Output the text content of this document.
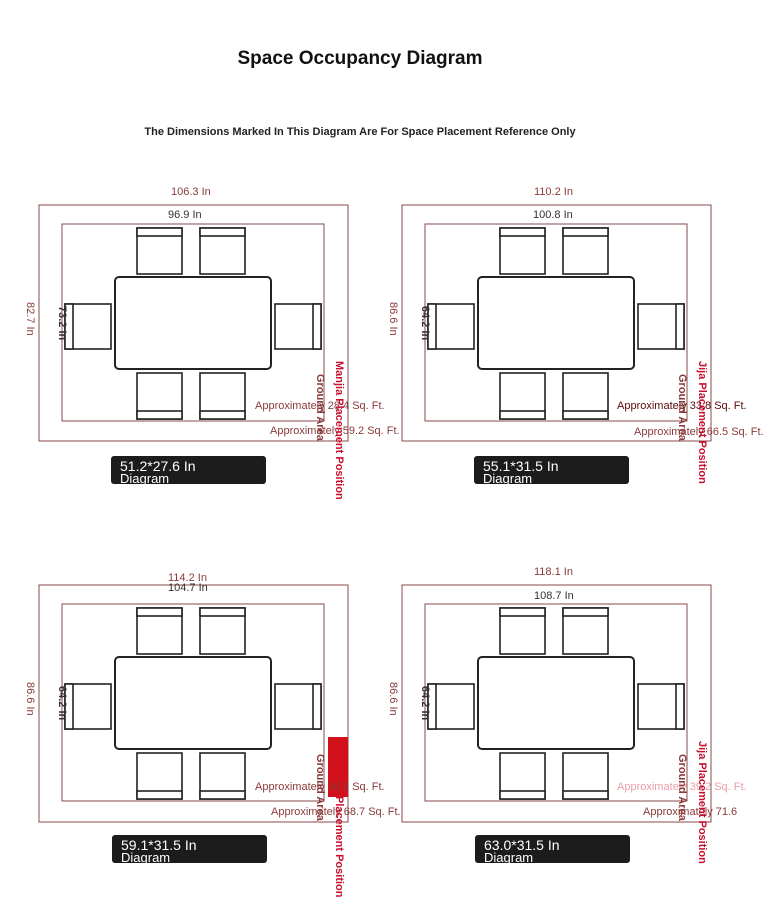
Space Occupancy Diagram
The Dimensions Marked In This Diagram Are For Space Placement Reference Only
106.3 In
96.9 In
82.7 In 73.2 In
Approximately 28.4 Sq. Ft.
Approximately 59.2 Sq. Ft.
Ground Area Manjia Placement Position
51.2*27.6 In
Diagram
110.2 In
100.8 In
86.6 In 64.2 In
Approximately 33.8 Sq. Ft.
Approximately 66.5 Sq. Ft.
Ground Area Jija Placement Position
55.1*31.5 In
Diagram
114.2 In
104.7 In
86.6 In 64.2 In
Approximately 36.6 Sq. Ft.
Approximately 68.7 Sq. Ft.
Ground Area
Placement Position
59.1*31.5 In
Diagram
118.1 In
108.7 In
86.6 In 64.2 In
Approximately 39.2 Sq. Ft.
Approximately 71.6
Ground Area Jija Placement Position
63.0*31.5 In
Diagram
